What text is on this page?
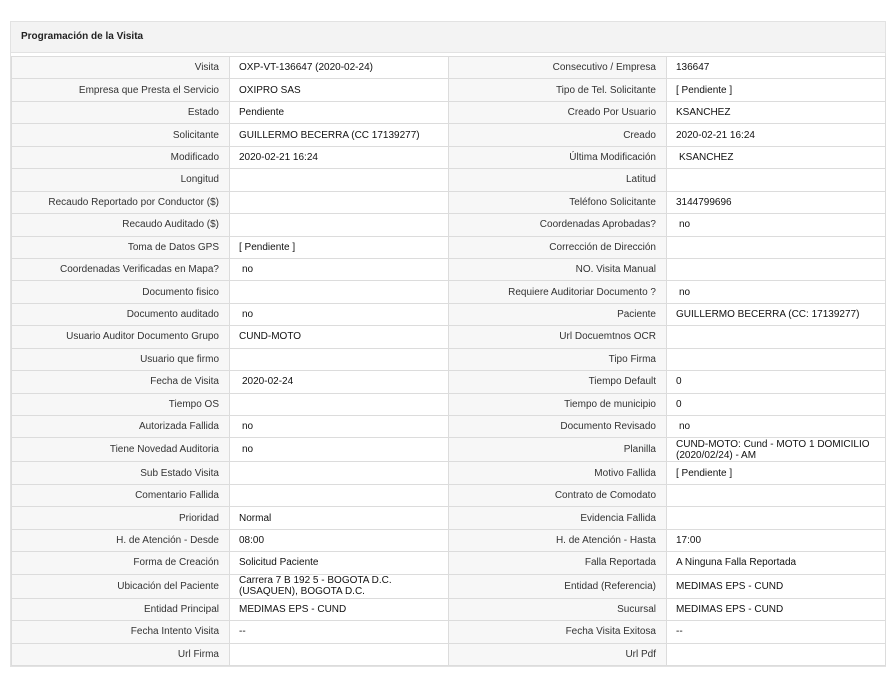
Programación de la Visita
Visita	OXP-VT-136647 (2020-02-24)	Consecutivo / Empresa	136647
Empresa que Presta el Servicio	OXIPRO SAS	Tipo de Tel. Solicitante	[ Pendiente ]
Estado	Pendiente	Creado Por Usuario	KSANCHEZ
Solicitante	GUILLERMO BECERRA (CC 17139277)	Creado	2020-02-21 16:24
Modificado	2020-02-21 16:24	Última Modificación	KSANCHEZ
Longitud		Latitud	
Recaudo Reportado por Conductor ($)		Teléfono Solicitante	3144799696
Recaudo Auditado ($)		Coordenadas Aprobadas?	no
Toma de Datos GPS	[ Pendiente ]	Corrección de Dirección	
Coordenadas Verificadas en Mapa?	no	NO. Visita Manual	
Documento fisico		Requiere Auditoriar Documento ?	no
Documento auditado	no	Paciente	GUILLERMO BECERRA (CC: 17139277)
Usuario Auditor Documento Grupo	CUND-MOTO	Url Docuemtnos OCR	
Usuario que firmo		Tipo Firma	
Fecha de Visita	2020-02-24	Tiempo Default	0
Tiempo OS		Tiempo de municipio	0
Autorizada Fallida	no	Documento Revisado	no
Tiene Novedad Auditoria	no	Planilla	CUND-MOTO: Cund - MOTO 1 DOMICILIO (2020/02/24) - AM
Sub Estado Visita		Motivo Fallida	[ Pendiente ]
Comentario Fallida		Contrato de Comodato	
Prioridad	Normal	Evidencia Fallida	
H. de Atención - Desde	08:00	H. de Atención - Hasta	17:00
Forma de Creación	Solicitud Paciente	Falla Reportada	A Ninguna Falla Reportada
Ubicación del Paciente	Carrera 7 B 192 5 - BOGOTA D.C. (USAQUEN), BOGOTA D.C.	Entidad (Referencia)	MEDIMAS EPS - CUND
Entidad Principal	MEDIMAS EPS - CUND	Sucursal	MEDIMAS EPS - CUND
Fecha Intento Visita	--	Fecha Visita Exitosa	--
Url Firma		Url Pdf	
